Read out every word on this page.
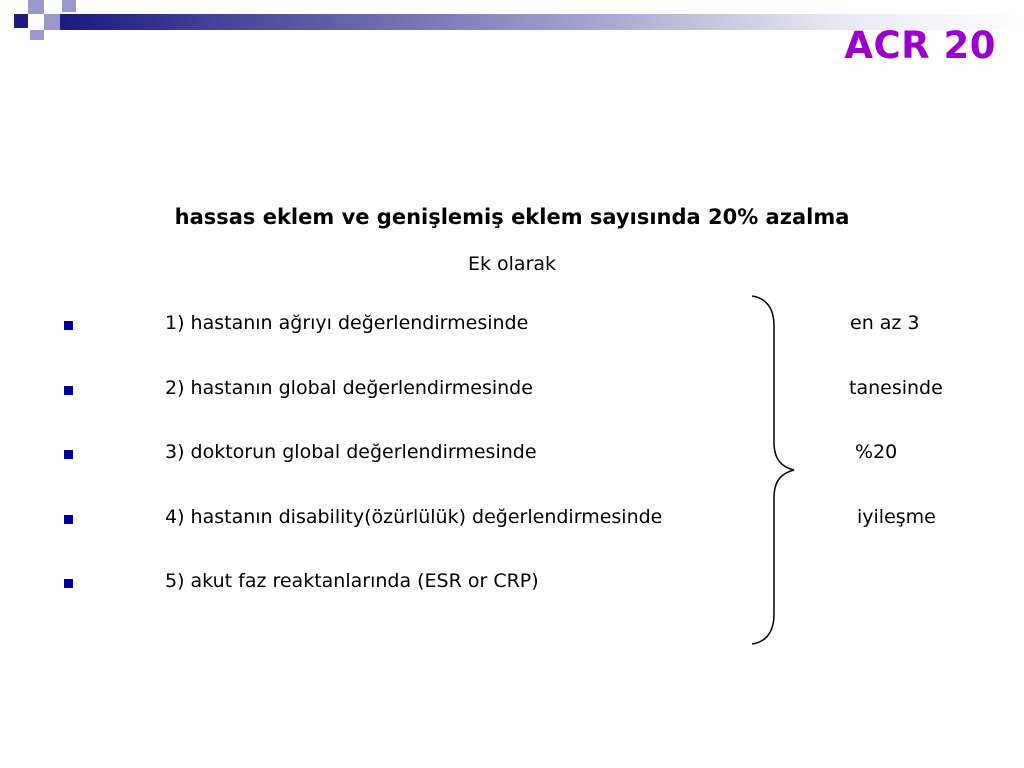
ACR 20
hassas eklem ve genişlemiş eklem sayısında 20% azalma
Ek olarak
1) hastanın ağrıyı değerlendirmesinde
2) hastanın global değerlendirmesinde
3) doktorun global değerlendirmesinde
4) hastanın disability(özürlülük) değerlendirmesinde
5) akut faz reaktanlarında (ESR or CRP)
en az 3
tanesinde
%20
iyileşme
